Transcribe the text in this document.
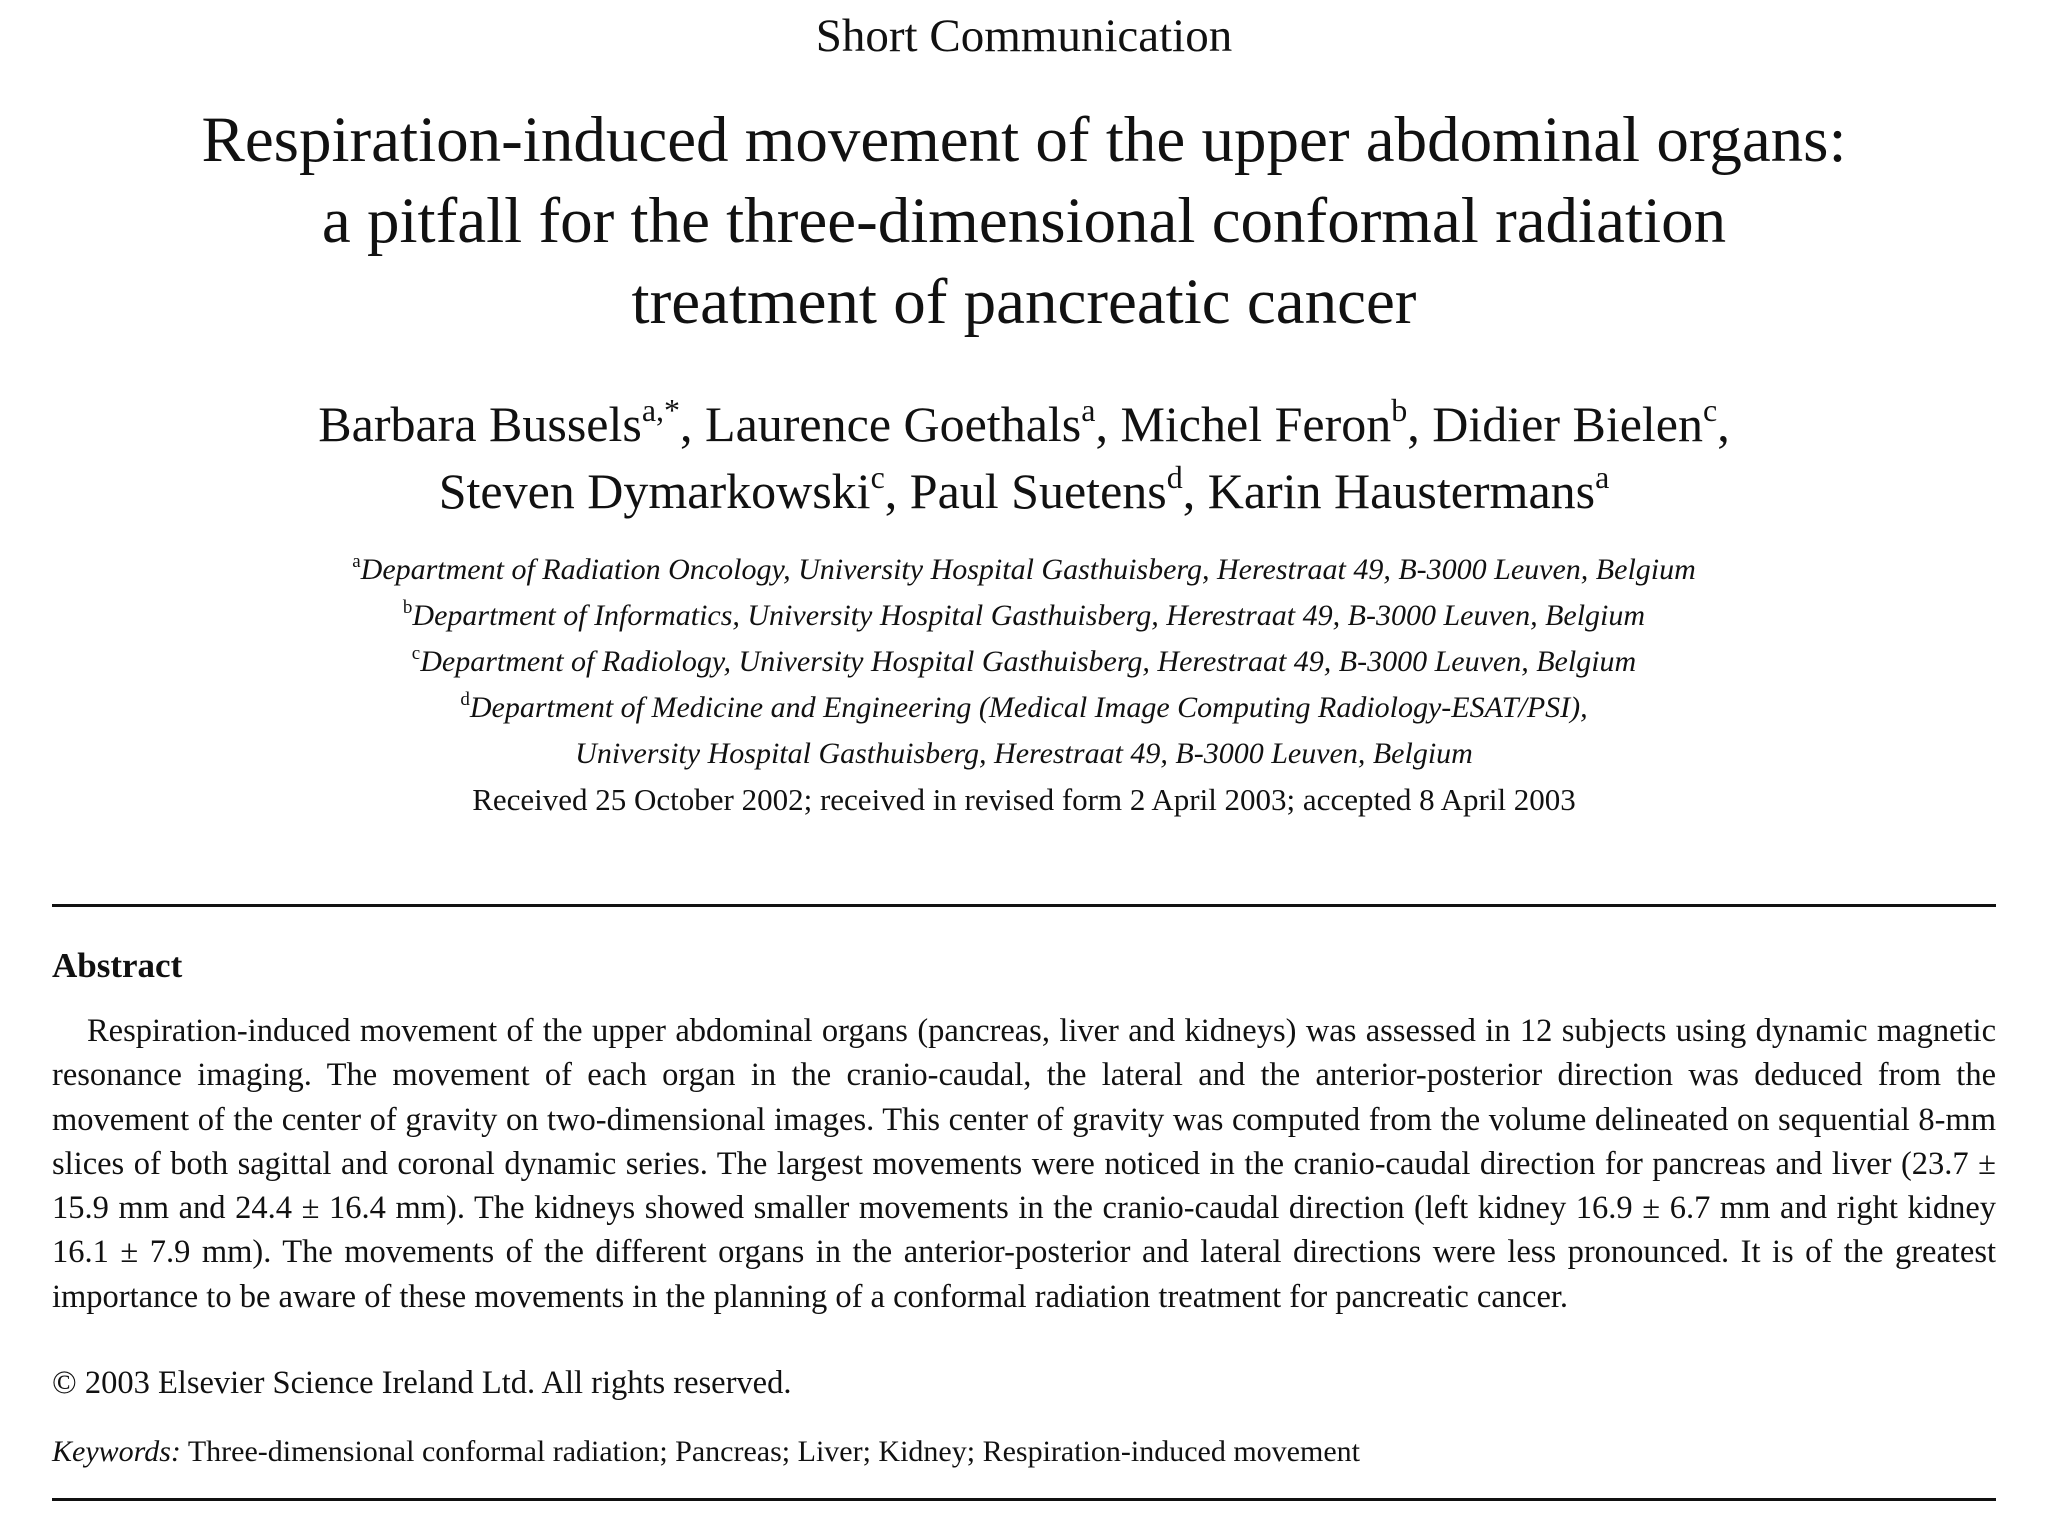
Short Communication
Respiration-induced movement of the upper abdominal organs:
a pitfall for the three-dimensional conformal radiation
treatment of pancreatic cancer
Barbara Bussels$^{a,*}$, Laurence Goethals$^a$, Michel Feron$^b$, Didier Bielen$^c$,
Steven Dymarkowski$^c$, Paul Suetens$^d$, Karin Haustermans$^a$
$^a$Department of Radiation Oncology, University Hospital Gasthuisberg, Herestraat 49, B-3000 Leuven, Belgium
$^b$Department of Informatics, University Hospital Gasthuisberg, Herestraat 49, B-3000 Leuven, Belgium
$^c$Department of Radiology, University Hospital Gasthuisberg, Herestraat 49, B-3000 Leuven, Belgium
$^d$Department of Medicine and Engineering (Medical Image Computing Radiology-ESAT/PSI),
University Hospital Gasthuisberg, Herestraat 49, B-3000 Leuven, Belgium
Received 25 October 2002; received in revised form 2 April 2003; accepted 8 April 2003
Abstract
Respiration-induced movement of the upper abdominal organs (pancreas, liver and kidneys) was assessed in 12 subjects using dynamic magnetic resonance imaging. The movement of each organ in the cranio-caudal, the lateral and the anterior-posterior direction was deduced from the movement of the center of gravity on two-dimensional images. This center of gravity was computed from the volume delineated on sequential 8-mm slices of both sagittal and coronal dynamic series. The largest movements were noticed in the cranio-caudal direction for pancreas and liver (23.7 ± 15.9 mm and 24.4 ± 16.4 mm). The kidneys showed smaller movements in the cranio-caudal direction (left kidney 16.9 ± 6.7 mm and right kidney 16.1 ± 7.9 mm). The movements of the different organs in the anterior-posterior and lateral directions were less pronounced. It is of the greatest importance to be aware of these movements in the planning of a conformal radiation treatment for pancreatic cancer.
© 2003 Elsevier Science Ireland Ltd. All rights reserved.
Keywords: Three-dimensional conformal radiation; Pancreas; Liver; Kidney; Respiration-induced movement
